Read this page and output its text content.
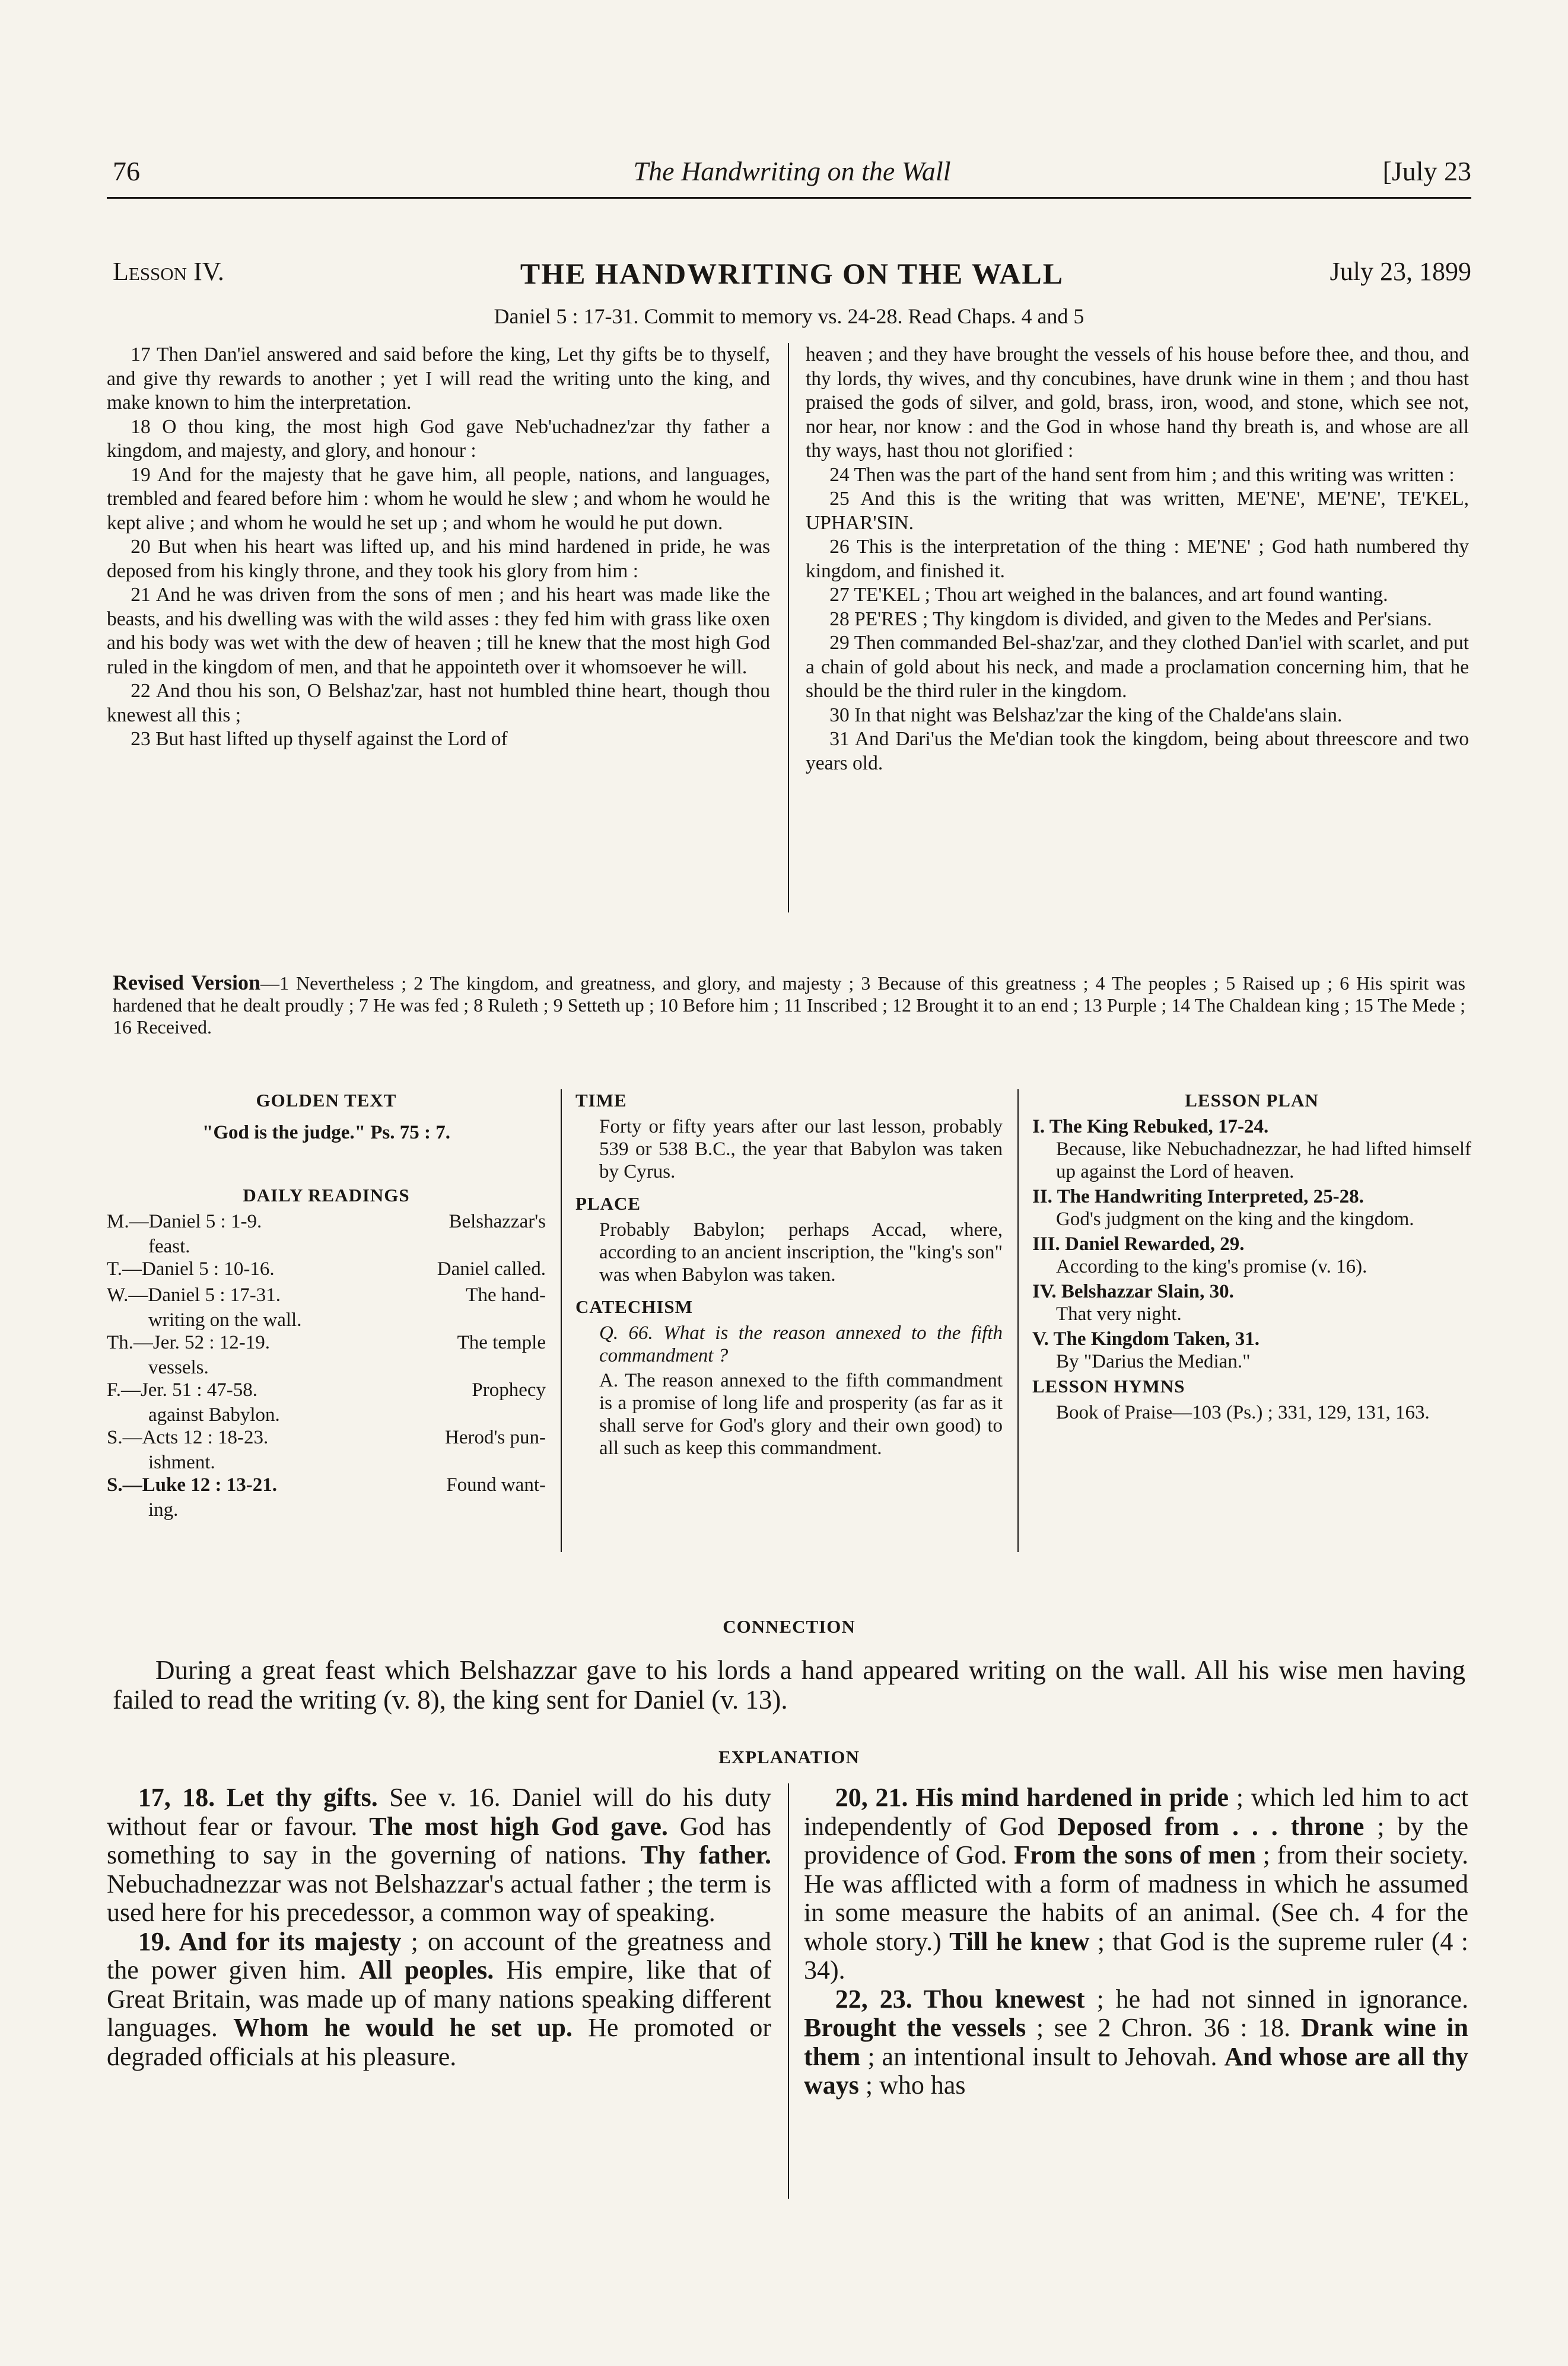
76	The Handwriting on the Wall	[July 23
Lesson IV.	THE HANDWRITING ON THE WALL	July 23, 1899
Daniel 5 : 17-31. Commit to memory vs. 24-28. Read Chaps. 4 and 5

17 Then Dan'iel answered and said before the king, Let thy gifts be to thyself, and give thy rewards to another ; yet I will read the writing unto the king, and make known to him the interpretation.

18 O thou king, the most high God gave Neb'uchadnez'zar thy father a kingdom, and majesty, and glory, and honour :

19 And for the majesty that he gave him, all people, nations, and languages, trembled and feared before him : whom he would he slew ; and whom he would he kept alive ; and whom he would he set up ; and whom he would he put down.

20 But when his heart was lifted up, and his mind hardened in pride, he was deposed from his kingly throne, and they took his glory from him :

21 And he was driven from the sons of men ; and his heart was made like the beasts, and his dwelling was with the wild asses : they fed him with grass like oxen and his body was wet with the dew of heaven ; till he knew that the most high God ruled in the kingdom of men, and that he appointeth over it whomsoever he will.

22 And thou his son, O Belshaz'zar, hast not humbled thine heart, though thou knewest all this ;

23 But hast lifted up thyself against the Lord of

heaven ; and they have brought the vessels of his house before thee, and thou, and thy lords, thy wives, and thy concubines, have drunk wine in them ; and thou hast praised the gods of silver, and gold, brass, iron, wood, and stone, which see not, nor hear, nor know : and the God in whose hand thy breath is, and whose are all thy ways, hast thou not glorified :

24 Then was the part of the hand sent from him ; and this writing was written :

25 And this is the writing that was written, ME'NE', ME'NE', TE'KEL, UPHAR'SIN.

26 This is the interpretation of the thing : ME'NE' ; God hath numbered thy kingdom, and finished it.

27 TE'KEL ; Thou art weighed in the balances, and art found wanting.

28 PE'RES ; Thy kingdom is divided, and given to the Medes and Per'sians.

29 Then commanded Bel-shaz'zar, and they clothed Dan'iel with scarlet, and put a chain of gold about his neck, and made a proclamation concerning him, that he should be the third ruler in the kingdom.

30 In that night was Belshaz'zar the king of the Chalde'ans slain.

31 And Dari'us the Me'dian took the kingdom, being about threescore and two years old.

Revised Version—1 Nevertheless ; 2 The kingdom, and greatness, and glory, and majesty ; 3 Because of this greatness ; 4 The peoples ; 5 Raised up ; 6 His spirit was hardened that he dealt proudly ; 7 He was fed ; 8 Ruleth ; 9 Setteth up ; 10 Before him ; 11 Inscribed ; 12 Brought it to an end ; 13 Purple ; 14 The Chaldean king ; 15 The Mede ; 16 Received.
GOLDEN TEXT
"God is the judge." Ps. 75 : 7.
DAILY READINGS
M.—Daniel 5 : 1-9.	Belshazzar's
feast.
T.—Daniel 5 : 10-16.	Daniel called.
W.—Daniel 5 : 17-31.	The hand-
writing on the wall.
Th.—Jer. 52 : 12-19.	The temple
vessels.
F.—Jer. 51 : 47-58.	Prophecy
against Babylon.
S.—Acts 12 : 18-23.	Herod's pun-
ishment.
S.—Luke 12 : 13-21.	Found want-
ing.
TIME

Forty or fifty years after our last lesson, probably 539 or 538 B.C., the year that Babylon was taken by Cyrus.

PLACE

Probably Babylon; perhaps Accad, where, according to an ancient inscription, the "king's son" was when Babylon was taken.

CATECHISM

Q. 66. What is the reason annexed to the fifth commandment ?

A. The reason annexed to the fifth commandment is a promise of long life and prosperity (as far as it shall serve for God's glory and their own good) to all such as keep this commandment.

LESSON PLAN
I. The King Rebuked, 17-24.

Because, like Nebuchadnezzar, he had lifted himself up against the Lord of heaven.

II. The Handwriting Interpreted, 25-28.

God's judgment on the king and the kingdom.

III. Daniel Rewarded, 29.

According to the king's promise (v. 16).

IV. Belshazzar Slain, 30.

That very night.

V. The Kingdom Taken, 31.

By "Darius the Median."

LESSON HYMNS

Book of Praise—103 (Ps.) ; 331, 129, 131, 163.

CONNECTION

During a great feast which Belshazzar gave to his lords a hand appeared writing on the wall. All his wise men having failed to read the writing (v. 8), the king sent for Daniel (v. 13).

EXPLANATION

17, 18. Let thy gifts. See v. 16. Daniel will do his duty without fear or favour. The most high God gave. God has something to say in the governing of nations. Thy father. Nebuchadnezzar was not Belshazzar's actual father ; the term is used here for his precedessor, a common way of speaking.

19. And for its majesty ; on account of the greatness and the power given him. All peoples. His empire, like that of Great Britain, was made up of many nations speaking different languages. Whom he would he set up. He promoted or degraded officials at his pleasure.

20, 21. His mind hardened in pride ; which led him to act independently of God Deposed from . . . throne ; by the providence of God. From the sons of men ; from their society. He was afflicted with a form of madness in which he assumed in some measure the habits of an animal. (See ch. 4 for the whole story.) Till he knew ; that God is the supreme ruler (4 : 34).

22, 23. Thou knewest ; he had not sinned in ignorance. Brought the vessels ; see 2 Chron. 36 : 18. Drank wine in them ; an intentional insult to Jehovah. And whose are all thy ways ; who has
